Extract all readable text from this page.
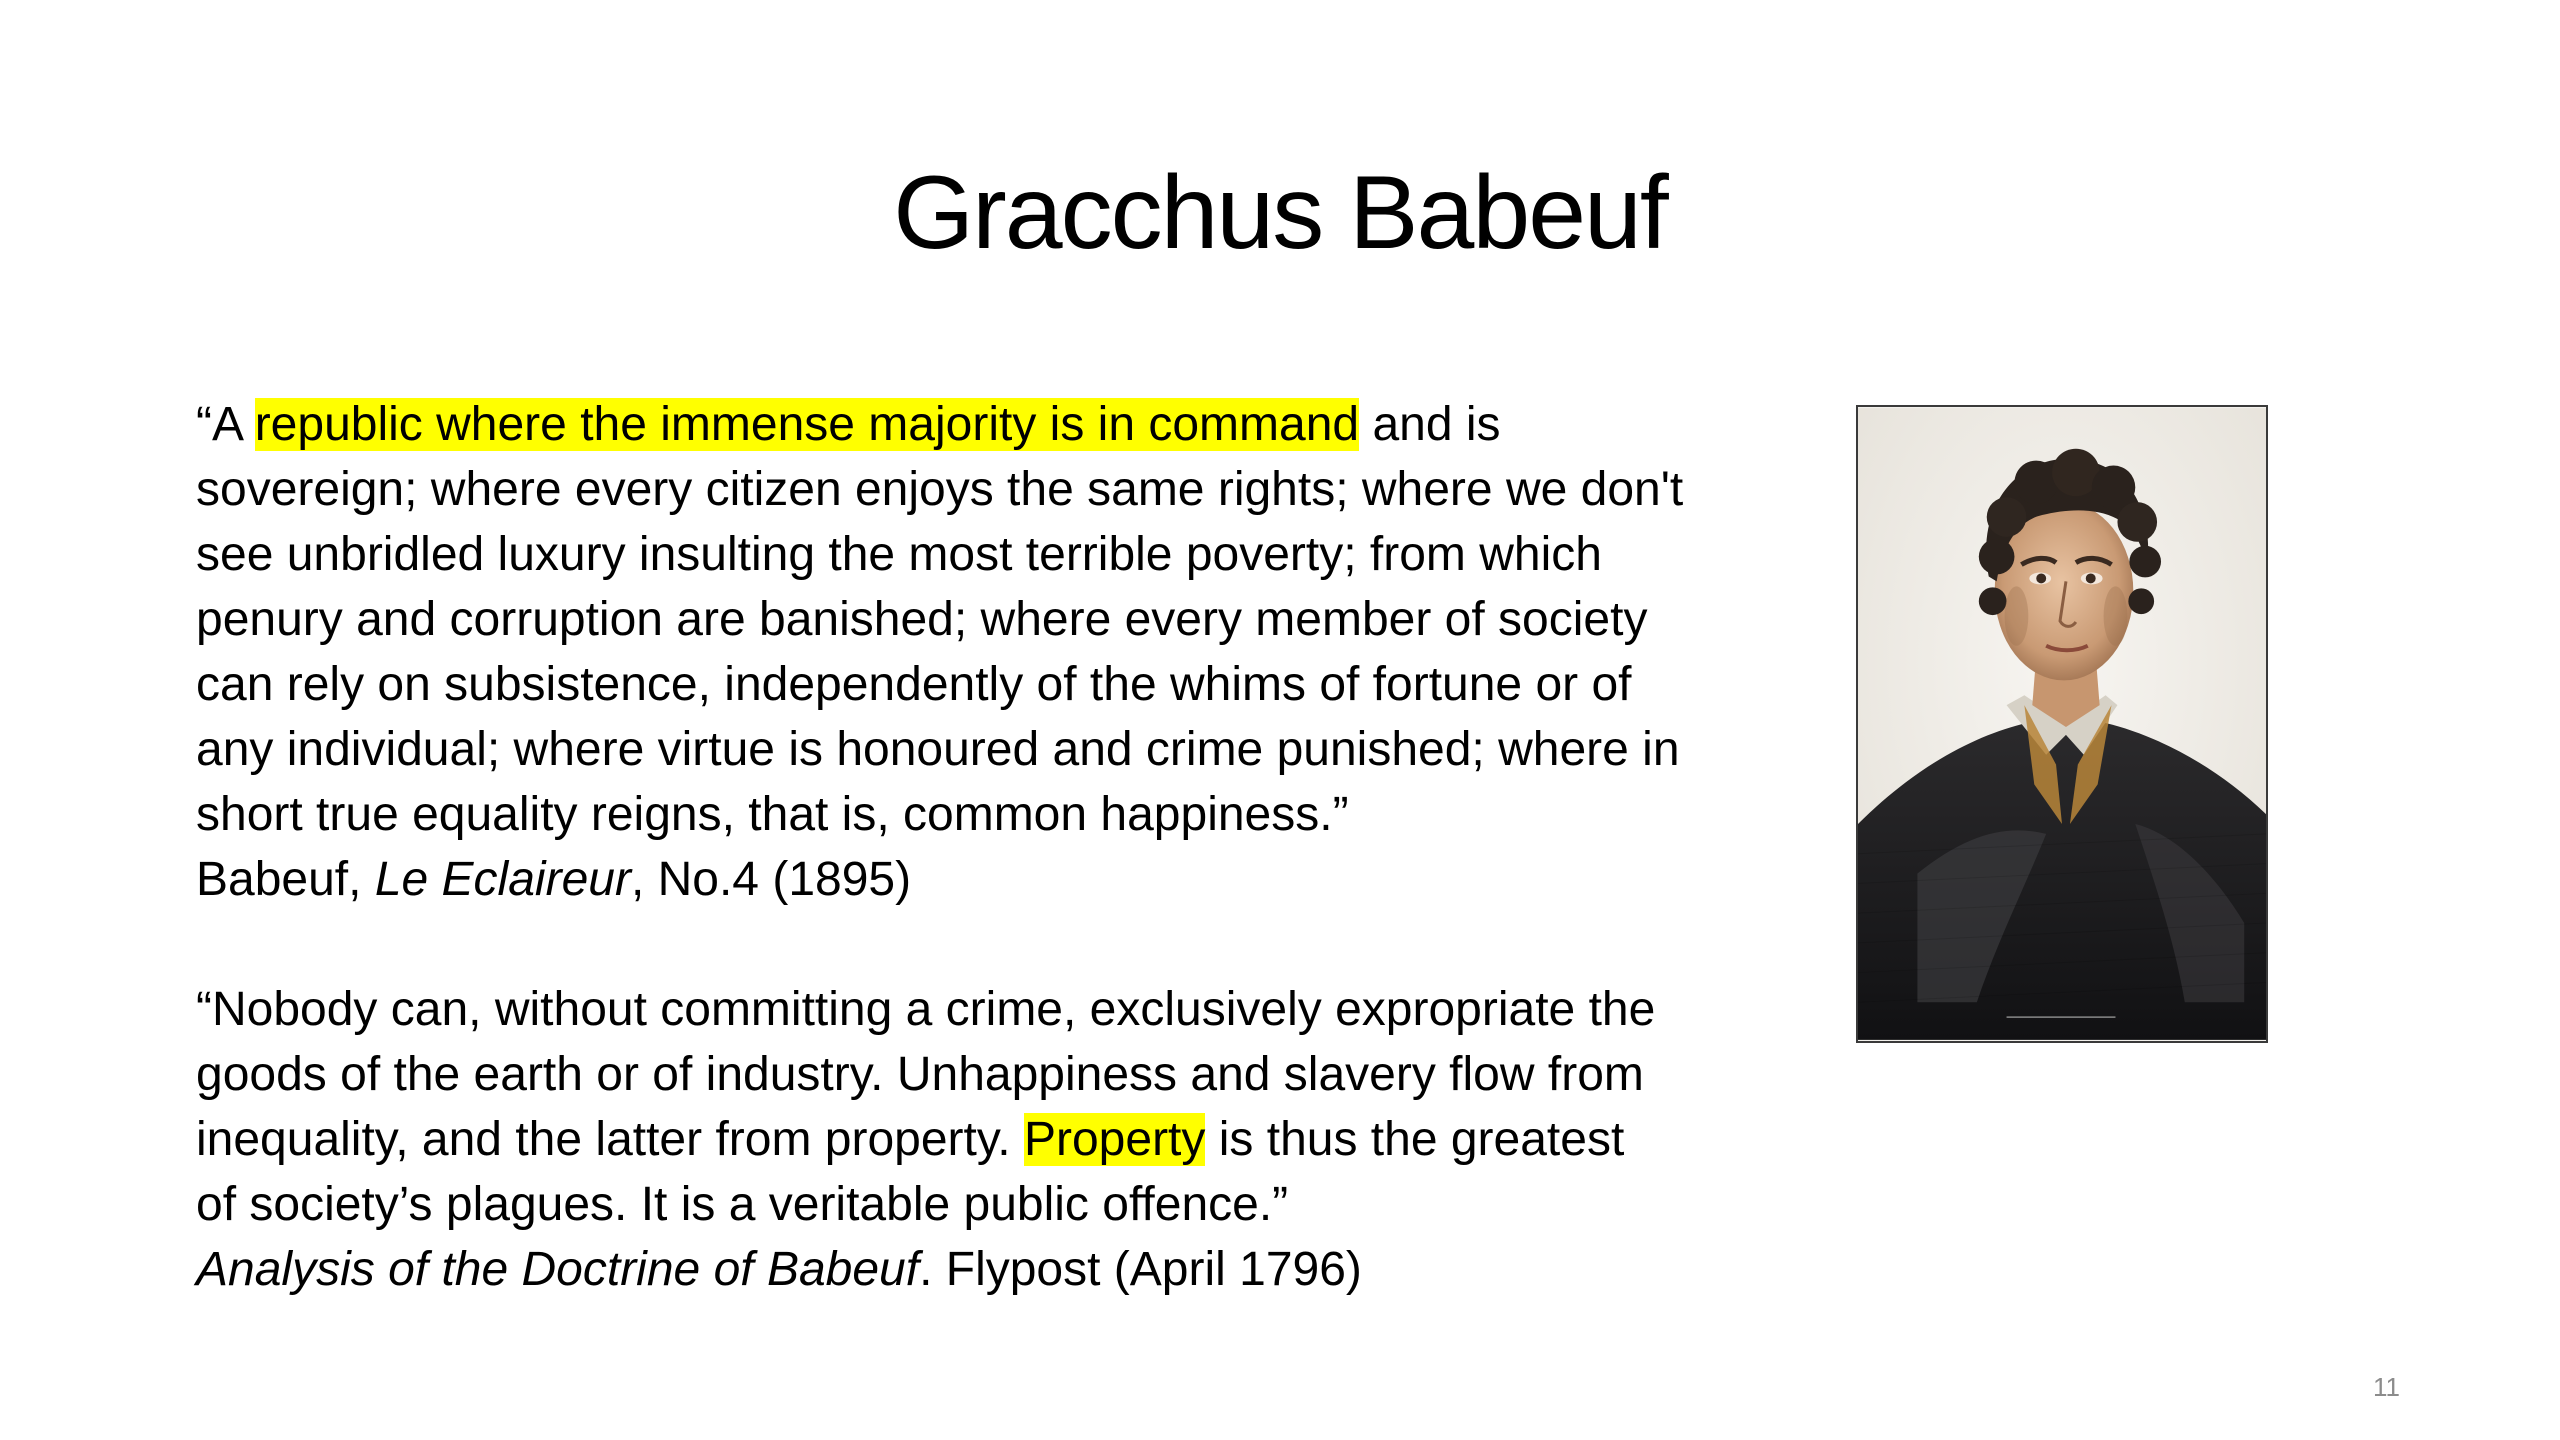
Gracchus Babeuf
“A republic where the immense majority is in command and is
sovereign; where every citizen enjoys the same rights; where we don't
see unbridled luxury insulting the most terrible poverty; from which
penury and corruption are banished; where every member of society
can rely on subsistence, independently of the whims of fortune or of
any individual; where virtue is honoured and crime punished; where in
short true equality reigns, that is, common happiness.”
Babeuf, Le Eclaireur, No.4 (1895)
“Nobody can, without committing a crime, exclusively expropriate the
goods of the earth or of industry. Unhappiness and slavery flow from
inequality, and the latter from property. Property is thus the greatest
of society’s plagues. It is a veritable public offence.”
Analysis of the Doctrine of Babeuf. Flypost (April 1796)
11
